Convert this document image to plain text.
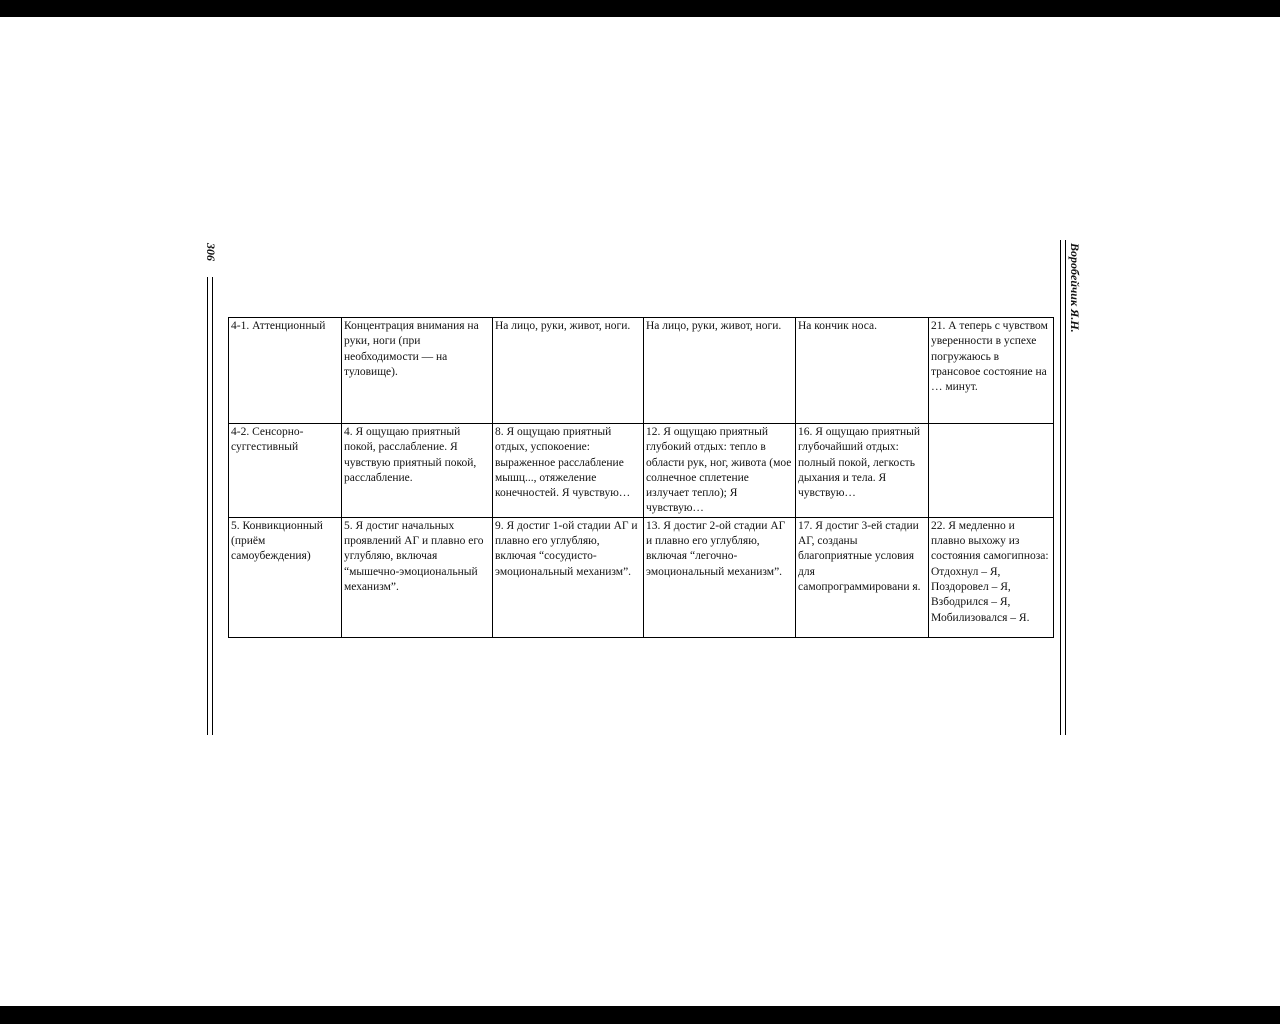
306	Воробейчик Я.Н.
4-1. Аттенционный	Концентрация внимания на руки, ноги (при необходимости — на туловище).	На лицо, руки, живот, ноги.	На лицо, руки, живот, ноги.	На кончик носа.	21. А теперь с чувством уверенности в успехе погружаюсь в трансовое состояние на … минут.
4-2. Сенсорно-суггестивный	4. Я ощущаю приятный покой, расслабление. Я чувствую приятный покой, расслабление.	8. Я ощущаю приятный отдых, успокоение: выраженное расслабление мышц..., отяжеление конечностей. Я чувствую…	12. Я ощущаю приятный глубокий отдых: тепло в области рук, ног, живота (мое солнечное сплетение излучает тепло); Я чувствую…	16. Я ощущаю приятный глубочайший отдых: полный покой, легкость дыхания и тела. Я чувствую…	
5. Конвикционный (приём самоубеждения)	5. Я достиг начальных проявлений АГ и плавно его углубляю, включая “мышечно-эмоциональный механизм”.	9. Я достиг 1-ой стадии АГ и плавно его углубляю, включая “сосудисто-эмоциональный механизм”.	13. Я достиг 2-ой стадии АГ и плавно его углубляю, включая “легочно-эмоциональный механизм”.	17. Я достиг 3-ей стадии АГ, созданы благоприятные условия для самопрограммировани я.	22. Я медленно и плавно выхожу из состояния самогипноза: Отдохнул – Я, Поздоровел – Я, Взбодрился – Я, Мобилизовался – Я.
